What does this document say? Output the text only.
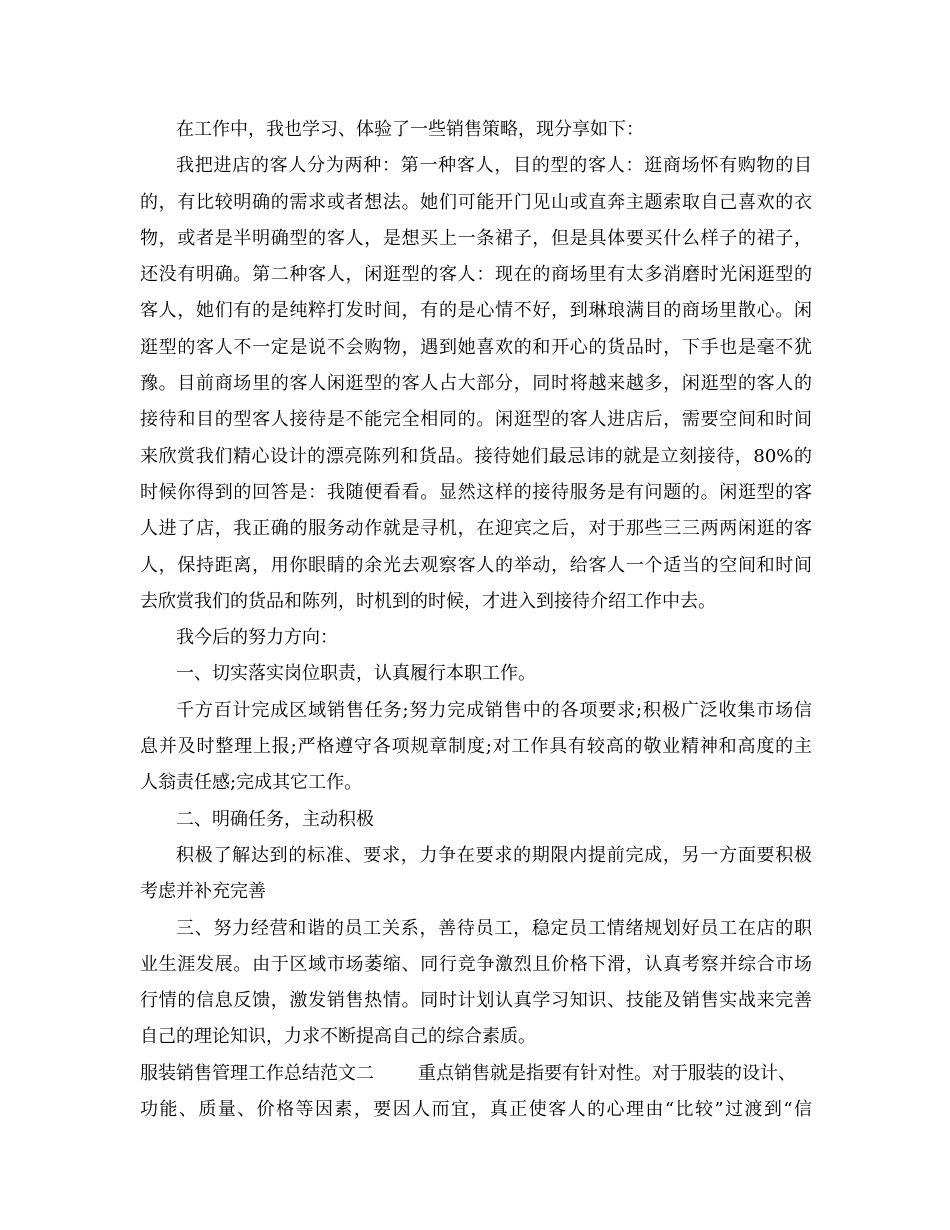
在工作中，我也学习、体验了一些销售策略，现分享如下：
我把进店的客人分为两种：第一种客人，目的型的客人：逛商场怀有购物的目
的，有比较明确的需求或者想法。她们可能开门见山或直奔主题索取自己喜欢的衣
物，或者是半明确型的客人，是想买上一条裙子，但是具体要买什么样子的裙子，
还没有明确。第二种客人，闲逛型的客人：现在的商场里有太多消磨时光闲逛型的
客人，她们有的是纯粹打发时间，有的是心情不好，到琳琅满目的商场里散心。闲
逛型的客人不一定是说不会购物，遇到她喜欢的和开心的货品时，下手也是毫不犹
豫。目前商场里的客人闲逛型的客人占大部分，同时将越来越多，闲逛型的客人的
接待和目的型客人接待是不能完全相同的。闲逛型的客人进店后，需要空间和时间
来欣赏我们精心设计的漂亮陈列和货品。接待她们最忌讳的就是立刻接待，80%的
时候你得到的回答是：我随便看看。显然这样的接待服务是有问题的。闲逛型的客
人进了店，我正确的服务动作就是寻机，在迎宾之后，对于那些三三两两闲逛的客
人，保持距离，用你眼睛的余光去观察客人的举动，给客人一个适当的空间和时间
去欣赏我们的货品和陈列，时机到的时候，才进入到接待介绍工作中去。
我今后的努力方向：
一、切实落实岗位职责，认真履行本职工作。
千方百计完成区域销售任务;努力完成销售中的各项要求;积极广泛收集市场信
息并及时整理上报;严格遵守各项规章制度;对工作具有较高的敬业精神和高度的主
人翁责任感;完成其它工作。
二、明确任务，主动积极
积极了解达到的标准、要求，力争在要求的期限内提前完成，另一方面要积极
考虑并补充完善
三、努力经营和谐的员工关系，善待员工，稳定员工情绪规划好员工在店的职
业生涯发展。由于区域市场萎缩、同行竞争激烈且价格下滑，认真考察并综合市场
行情的信息反馈，激发销售热情。同时计划认真学习知识、技能及销售实战来完善
自己的理论知识，力求不断提高自己的综合素质。
服装销售管理工作总结范文二 重点销售就是指要有针对性。对于服装的设计、
功能、质量、价格等因素，要因人而宜，真正使客人的心理由“比较”过渡到“信
